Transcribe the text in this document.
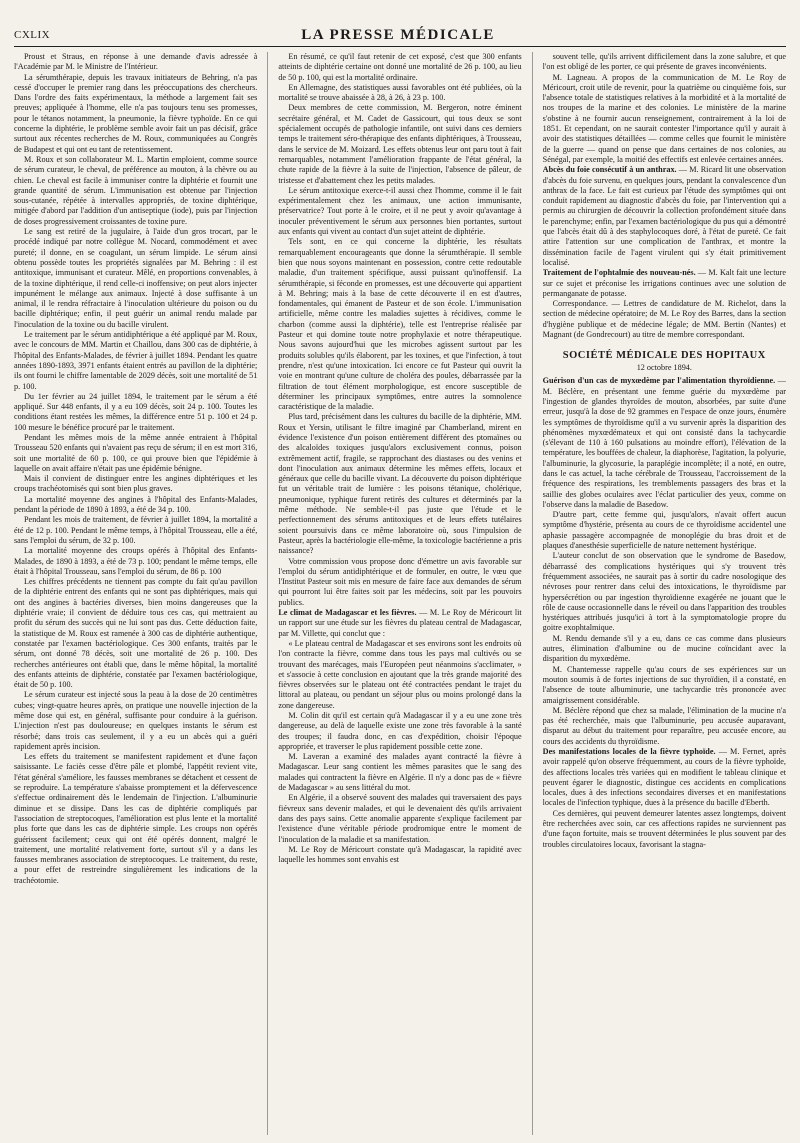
CXLIX	LA PRESSE MÉDICALE

Proust et Straus, en réponse à une demande d'avis adressée à l'Académie par M. le Ministre de l'Intérieur.

La sérumthérapie, depuis les travaux initiateurs de Behring, n'a pas cessé d'occuper le premier rang dans les préoccupations des chercheurs. Dans l'ordre des faits expérimentaux, la méthode a largement fait ses preuves; appliquée à l'homme, elle n'a pas toujours tenu ses promesses, pour le tétanos notamment, la pneumonie, la fièvre typhoïde. En ce qui concerne la diphtérie, le problème semble avoir fait un pas décisif, grâce surtout aux récentes recherches de M. Roux, communiquées au Congrès de Budapest et qui ont eu tant de retentissement.

M. Roux et son collaborateur M. L. Martin emploient, comme source de sérum curateur, le cheval, de préférence au mouton, à la chèvre ou au chien. Le cheval est facile à immuniser contre la diphtérie et fournit une grande quantité de sérum. L'immunisation est obtenue par l'injection sous-cutanée, répétée à intervalles appropriés, de toxine diphtérique, mitigée d'abord par l'addition d'un antiseptique (iode), puis par l'injection de doses progressivement croissantes de toxine pure.

Le sang est retiré de la jugulaire, à l'aide d'un gros trocart, par le procédé indiqué par notre collègue M. Nocard, commodément et avec pureté; il donne, en se coagulant, un sérum limpide. Le sérum ainsi obtenu possède toutes les propriétés signalées par M. Behring : il est antitoxique, immunisant et curateur. Mêlé, en proportions convenables, à de la toxine diphtérique, il rend celle-ci inoffensive; on peut alors injecter impunément le mélange aux animaux. Injecté à dose suffisante à un animal, il le rendra réfractaire à l'inoculation ultérieure du poison ou du bacille diphtérique; enfin, il peut guérir un animal rendu malade par l'inoculation de la toxine ou du bacille virulent.

Le traitement par le sérum antidiphtérique a été appliqué par M. Roux, avec le concours de MM. Martin et Chaillou, dans 300 cas de diphtérie, à l'hôpital des Enfants-Malades, de février à juillet 1894. Pendant les quatre années 1890-1893, 3971 enfants étaient entrés au pavillon de la diphtérie; ils ont fourni le chiffre lamentable de 2029 décès, soit une mortalité de 51 p. 100.

Du 1er février au 24 juillet 1894, le traitement par le sérum a été appliqué. Sur 448 enfants, il y a eu 109 décès, soit 24 p. 100. Toutes les conditions étant restées les mêmes, la différence entre 51 p. 100 et 24 p. 100 mesure le bénéfice procuré par le traitement.

Pendant les mêmes mois de la même année entraient à l'hôpital Trousseau 520 enfants qui n'avaient pas reçu de sérum; il en est mort 316, soit une mortalité de 60 p. 100, ce qui prouve bien que l'épidémie à laquelle on avait affaire n'était pas une épidémie bénigne.

Mais il convient de distinguer entre les angines diphtériques et les croups trachéotomisés qui sont bien plus graves.

La mortalité moyenne des angines à l'hôpital des Enfants-Malades, pendant la période de 1890 à 1893, a été de 34 p. 100.

Pendant les mois de traitement, de février à juillet 1894, la mortalité a été de 12 p. 100. Pendant le même temps, à l'hôpital Trousseau, elle a été, sans l'emploi du sérum, de 32 p. 100.

La mortalité moyenne des croups opérés à l'hôpital des Enfants-Malades, de 1890 à 1893, a été de 73 p. 100; pendant le même temps, elle était à l'hôpital Trousseau, sans l'emploi du sérum, de 86 p. 100

Les chiffres précédents ne tiennent pas compte du fait qu'au pavillon de la diphtérie entrent des enfants qui ne sont pas diphtériques, mais qui ont des angines à bactéries diverses, bien moins dangereuses que la diphtérie vraie; il convient de déduire tous ces cas, qui mettraient au profit du sérum des succès qui ne lui sont pas dus. Cette déduction faite, la statistique de M. Roux est ramenée à 300 cas de diphtérie authentique, constatée par l'examen bactériologique. Ces 300 enfants, traités par le sérum, ont donné 78 décès, soit une mortalité de 26 p. 100. Des recherches antérieures ont établi que, dans le même hôpital, la mortalité des enfants atteints de diphtérie, constatée par l'examen bactériologique, était de 50 p. 100.

Le sérum curateur est injecté sous la peau à la dose de 20 centimètres cubes; vingt-quatre heures après, on pratique une nouvelle injection de la même dose qui est, en général, suffisante pour conduire à la guérison. L'injection n'est pas douloureuse; en quelques instants le sérum est résorbé; dans trois cas seulement, il y a eu un abcès qui a guéri rapidement après incision.

Les effets du traitement se manifestent rapidement et d'une façon saisissante. Le faciès cesse d'être pâle et plombé, l'appétit revient vite, l'état général s'améliore, les fausses membranes se détachent et cessent de se reproduire. La température s'abaisse promptement et la défervescence s'effectue ordinairement dès le lendemain de l'injection. L'albuminurie diminue et se dissipe. Dans les cas de diphtérie compliqués par l'association de streptocoques, l'amélioration est plus lente et la mortalité plus forte que dans les cas de diphtérie simple. Les croups non opérés guérissent facilement; ceux qui ont été opérés donnent, malgré le traitement, une mortalité relativement forte, surtout s'il y a dans les fausses membranes association de streptocoques. Le traitement, du reste, a pour effet de restreindre singulièrement les indications de la trachéotomie.

En résumé, ce qu'il faut retenir de cet exposé, c'est que 300 enfants atteints de diphtérie certaine ont donné une mortalité de 26 p. 100, au lieu de 50 p. 100, qui est la mortalité ordinaire.

En Allemagne, des statistiques aussi favorables ont été publiées, où la mortalité se trouve abaissée à 28, à 26, à 23 p. 100.

Deux membres de cette commission, M. Bergeron, notre éminent secrétaire général, et M. Cadet de Gassicourt, qui tous deux se sont spécialement occupés de pathologie infantile, ont suivi dans ces derniers temps le traitement séro-thérapique des enfants diphtériques, à Trousseau, dans le service de M. Moizard. Les effets obtenus leur ont paru tout à fait remarquables, notamment l'amélioration frappante de l'état général, la chute rapide de la fièvre à la suite de l'injection, l'absence de pâleur, de tristesse et d'abattement chez les petits malades.

Le sérum antitoxique exerce-t-il aussi chez l'homme, comme il le fait expérimentalement chez les animaux, une action immunisante, préservatrice? Tout porte à le croire, et il ne peut y avoir qu'avantage à inoculer préventivement le sérum aux personnes bien portantes, surtout aux enfants qui vivent au contact d'un sujet atteint de diphtérie.

Tels sont, en ce qui concerne la diphtérie, les résultats remarquablement encourageants que donne la sérumthérapie. Il semble bien que nous soyons maintenant en possession, contre cette redoutable maladie, d'un traitement spécifique, aussi puissant qu'inoffensif. La sérumthérapie, si féconde en promesses, est une découverte qui appartient à M. Behring; mais à la base de cette découverte il en est d'autres, fondamentales, qui émanent de Pasteur et de son école. L'immunisation artificielle, même contre les maladies sujettes à récidives, comme le charbon (comme aussi la diphtérie), telle est l'entreprise réalisée par Pasteur et qui domine toute notre prophylaxie et notre thérapeutique. Nous savons aujourd'hui que les microbes agissent surtout par les produits solubles qu'ils élaborent, par les toxines, et que l'infection, à tout prendre, n'est qu'une intoxication. Ici encore ce fut Pasteur qui ouvrit la voie en montrant qu'une culture de choléra des poules, débarrassée par la filtration de tout élément morphologique, est encore susceptible de déterminer les principaux symptômes, entre autres la somnolence caractéristique de la maladie.

Plus tard, précisément dans les cultures du bacille de la diphtérie, MM. Roux et Yersin, utilisant le filtre imaginé par Chamberland, mirent en évidence l'existence d'un poison entièrement différent des ptomaïnes ou des alcaloïdes toxiques jusqu'alors exclusivement connus, poison extrêmement actif, fragile, se rapprochant des diastases ou des venins et dont l'inoculation aux animaux détermine les mêmes effets, locaux et généraux que celle du bacille vivant. La découverte du poison diphtérique fut un véritable trait de lumière : les poisons tétanique, cholérique, pneumonique, typhique furent retirés des cultures et déterminés par la même méthode. Ne semble-t-il pas juste que l'étude et le perfectionnement des sérums antitoxiques et de leurs effets tutélaires soient poursuivis dans ce même laboratoire où, sous l'impulsion de Pasteur, après la bactériologie elle-même, la toxicologie bactérienne a pris naissance?

Votre commission vous propose donc d'émettre un avis favorable sur l'emploi du sérum antidiphtérique et de formuler, en outre, le vœu que l'Institut Pasteur soit mis en mesure de faire face aux demandes de sérum qui pourront lui être faites soit par les médecins, soit par les pouvoirs publics.

Le climat de Madagascar et les fièvres. — M. Le Roy de Méricourt lit un rapport sur une étude sur les fièvres du plateau central de Madagascar, par M. Villette, qui conclut que :

« Le plateau central de Madagascar et ses environs sont les endroits où l'on contracte la fièvre, comme dans tous les pays mal cultivés ou se trouvant des marécages, mais l'Européen peut néanmoins s'acclimater, » et s'associe à cette conclusion en ajoutant que la très grande majorité des fièvres observées sur le plateau ont été contractées pendant le trajet du littoral au plateau, ou pendant un séjour plus ou moins prolongé dans la zone dangereuse.

M. Colin dit qu'il est certain qu'à Madagascar il y a eu une zone très dangereuse, au delà de laquelle existe une zone très favorable à la santé des troupes; il faudra donc, en cas d'expédition, choisir l'époque appropriée, et traverser le plus rapidement possible cette zone.

M. Laveran a examiné des malades ayant contracté la fièvre à Madagascar. Leur sang contient les mêmes parasites que le sang des malades qui contractent la fièvre en Algérie. Il n'y a donc pas de « fièvre de Madagascar » au sens littéral du mot.

En Algérie, il a observé souvent des malades qui traversaient des pays fiévreux sans devenir malades, et qui le devenaient dès qu'ils arrivaient dans des pays sains. Cette anomalie apparente s'explique facilement par l'existence d'une véritable période prodromique entre le moment de l'inoculation de la maladie et sa manifestation.

M. Le Roy de Méricourt constate qu'à Madagascar, la rapidité avec laquelle les hommes sont envahis est

souvent telle, qu'ils arrivent difficilement dans la zone salubre, et que l'on est obligé de les porter, ce qui présente de graves inconvénients.

M. Lagneau. A propos de la communication de M. Le Roy de Méricourt, croit utile de revenir, pour la quatrième ou cinquième fois, sur l'absence totale de statistiques relatives à la morbidité et à la mortalité de nos troupes de la marine et des colonies. Le ministère de la marine s'obstine à ne fournir aucun renseignement, contrairement à la loi de 1851. Et cependant, on ne saurait contester l'importance qu'il y aurait à avoir des statistiques détaillées — comme celles que fournit le ministère de la guerre — quand on pense que dans certaines de nos colonies, au Sénégal, par exemple, la moitié des effectifs est enlevée certaines années.

Abcès du foie consécutif à un anthrax. — M. Ricard lit une observation d'abcès du foie survenu, en quelques jours, pendant la convalescence d'un anthrax de la face. Le fait est curieux par l'étude des symptômes qui ont conduit rapidement au diagnostic d'abcès du foie, par l'intervention qui a permis au chirurgien de découvrir la collection profondément située dans le parenchyme; enfin, par l'examen bactériologique du pus qui a démontré que l'abcès était dû à des staphylocoques doré, à l'état de pureté. Ce fait attire l'attention sur une complication de l'anthrax, et montre la dissémination facile de l'agent virulent qui s'y était primitivement localisé.

Traitement de l'ophtalmie des nouveau-nés. — M. Kalt fait une lecture sur ce sujet et préconise les irrigations continues avec une solution de permanganate de potasse.

Correspondance. — Lettres de candidature de M. Richelot, dans la section de médecine opératoire; de M. Le Roy des Barres, dans la section d'hygiène publique et de médecine légale; de MM. Bertin (Nantes) et Magnant (de Gondrecourt) au titre de membre correspondant.

SOCIÉTÉ MÉDICALE DES HOPITAUX
12 octobre 1894.

Guérison d'un cas de myxœdème par l'alimentation thyroïdienne. — M. Béclère, en présentant une femme guérie du myxœdème par l'ingestion de glandes thyroïdes de mouton, absorbées, par suite d'une erreur, jusqu'à la dose de 92 grammes en l'espace de onze jours, énumère les symptômes de thyroïdisme qu'il a vu survenir après la disparition des phénomènes myxœdémateux et qui ont consisté dans la tachycardie (s'élevant de 110 à 160 pulsations au moindre effort), l'élévation de la température, les bouffées de chaleur, la diaphorèse, l'agitation, la polyurie, l'albuminurie, la glycosurie, la paraplégie incomplète; il a noté, en outre, dans le cas actuel, la tache cérébrale de Trousseau, l'accroissement de la fréquence des respirations, les tremblements passagers des bras et la saillie des globes oculaires avec l'éclat particulier des yeux, comme on l'observe dans la maladie de Basedow.

D'autre part, cette femme qui, jusqu'alors, n'avait offert aucun symptôme d'hystérie, présenta au cours de ce thyroïdisme accidentel une aphasie passagère accompagnée de monoplégie du bras droit et de plaques d'anesthésie superficielle de nature nettement hystérique.

L'auteur conclut de son observation que le syndrome de Basedow, débarrassé des complications hystériques qui s'y trouvent très fréquemment associées, ne saurait pas à sortir du cadre nosologique des névroses pour rentrer dans celui des intoxications, le thyroïdisme par hypersécrétion ou par ingestion thyroïdienne exagérée ne jouant que le rôle de cause occasionnelle dans le réveil ou dans l'apparition des troubles hystériques attribués jusqu'ici à tort à la symptomatologie propre du goitre exophtalmique.

M. Rendu demande s'il y a eu, dans ce cas comme dans plusieurs autres, élimination d'albumine ou de mucine coïncidant avec la disparition du myxœdème.

M. Chantemesse rappelle qu'au cours de ses expériences sur un mouton soumis à de fortes injections de suc thyroïdien, il a constaté, en l'absence de toute albuminurie, une tachycardie très prononcée avec amaigrissement considérable.

M. Béclère répond que chez sa malade, l'élimination de la mucine n'a pas été recherchée, mais que l'albuminurie, peu accusée auparavant, disparut au début du traitement pour reparaître, peu accusée encore, au cours des accidents du thyroïdisme.

Des manifestations locales de la fièvre typhoïde. — M. Fernet, après avoir rappelé qu'on observe fréquemment, au cours de la fièvre typhoïde, des affections locales très variées qui en modifient le tableau clinique et peuvent égarer le diagnostic, distingue ces accidents en complications locales, dues à des infections secondaires diverses et en manifestations locales de l'infection typhique, dues à la présence du bacille d'Eberth.

Ces dernières, qui peuvent demeurer latentes assez longtemps, doivent être recherchées avec soin, car ces affections rapides ne surviennent pas d'une façon fortuite, mais se trouvent déterminées le plus souvent par des troubles circulatoires locaux, favorisant la stagna-
